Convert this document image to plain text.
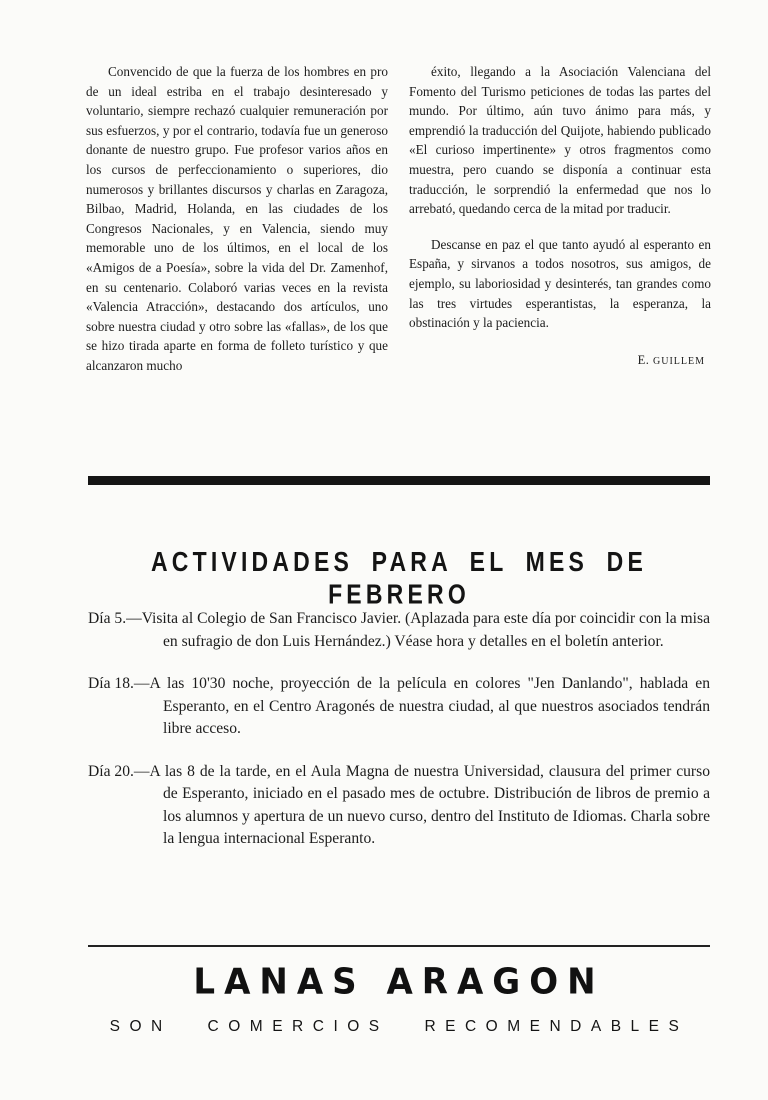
Convencido de que la fuerza de los hombres en pro de un ideal estriba en el trabajo desinteresado y voluntario, siempre rechazó cualquier remuneración por sus esfuerzos, y por el contrario, todavía fue un generoso donante de nuestro grupo. Fue profesor varios años en los cursos de perfeccionamiento o superiores, dio numerosos y brillantes discursos y charlas en Zaragoza, Bilbao, Madrid, Holanda, en las ciudades de los Congresos Nacionales, y en Valencia, siendo muy memorable uno de los últimos, en el local de los «Amigos de a Poesía», sobre la vida del Dr. Zamenhof, en su centenario. Colaboró varias veces en la revista «Valencia Atracción», destacando dos artículos, uno sobre nuestra ciudad y otro sobre las «fallas», de los que se hizo tirada aparte en forma de folleto turístico y que alcanzaron mucho

éxito, llegando a la Asociación Valenciana del Fomento del Turismo peticiones de todas las partes del mundo. Por último, aún tuvo ánimo para más, y emprendió la traducción del Quijote, habiendo publicado «El curioso impertinente» y otros fragmentos como muestra, pero cuando se disponía a continuar esta traducción, le sorprendió la enfermedad que nos lo arrebató, quedando cerca de la mitad por traducir.

Descanse en paz el que tanto ayudó al esperanto en España, y sirvanos a todos nosotros, sus amigos, de ejemplo, su laboriosidad y desinterés, tan grandes como las tres virtudes esperantistas, la esperanza, la obstinación y la paciencia.

E. GUILLEM
ACTIVIDADES PARA EL MES DE FEBRERO
Día 5.—Visita al Colegio de San Francisco Javier. (Aplazada para este día por coincidir con la misa en sufragio de don Luis Hernández.) Véase hora y detalles en el boletín anterior.
Día 18.—A las 10'30 noche, proyección de la película en colores "Jen Danlando", hablada en Esperanto, en el Centro Aragonés de nuestra ciudad, al que nuestros asociados tendrán libre acceso.
Día 20.—A las 8 de la tarde, en el Aula Magna de nuestra Universidad, clausura del primer curso de Esperanto, iniciado en el pasado mes de octubre. Distribución de libros de premio a los alumnos y apertura de un nuevo curso, dentro del Instituto de Idiomas. Charla sobre la lengua internacional Esperanto.
LANAS ARAGON
SON COMERCIOS RECOMENDABLES
